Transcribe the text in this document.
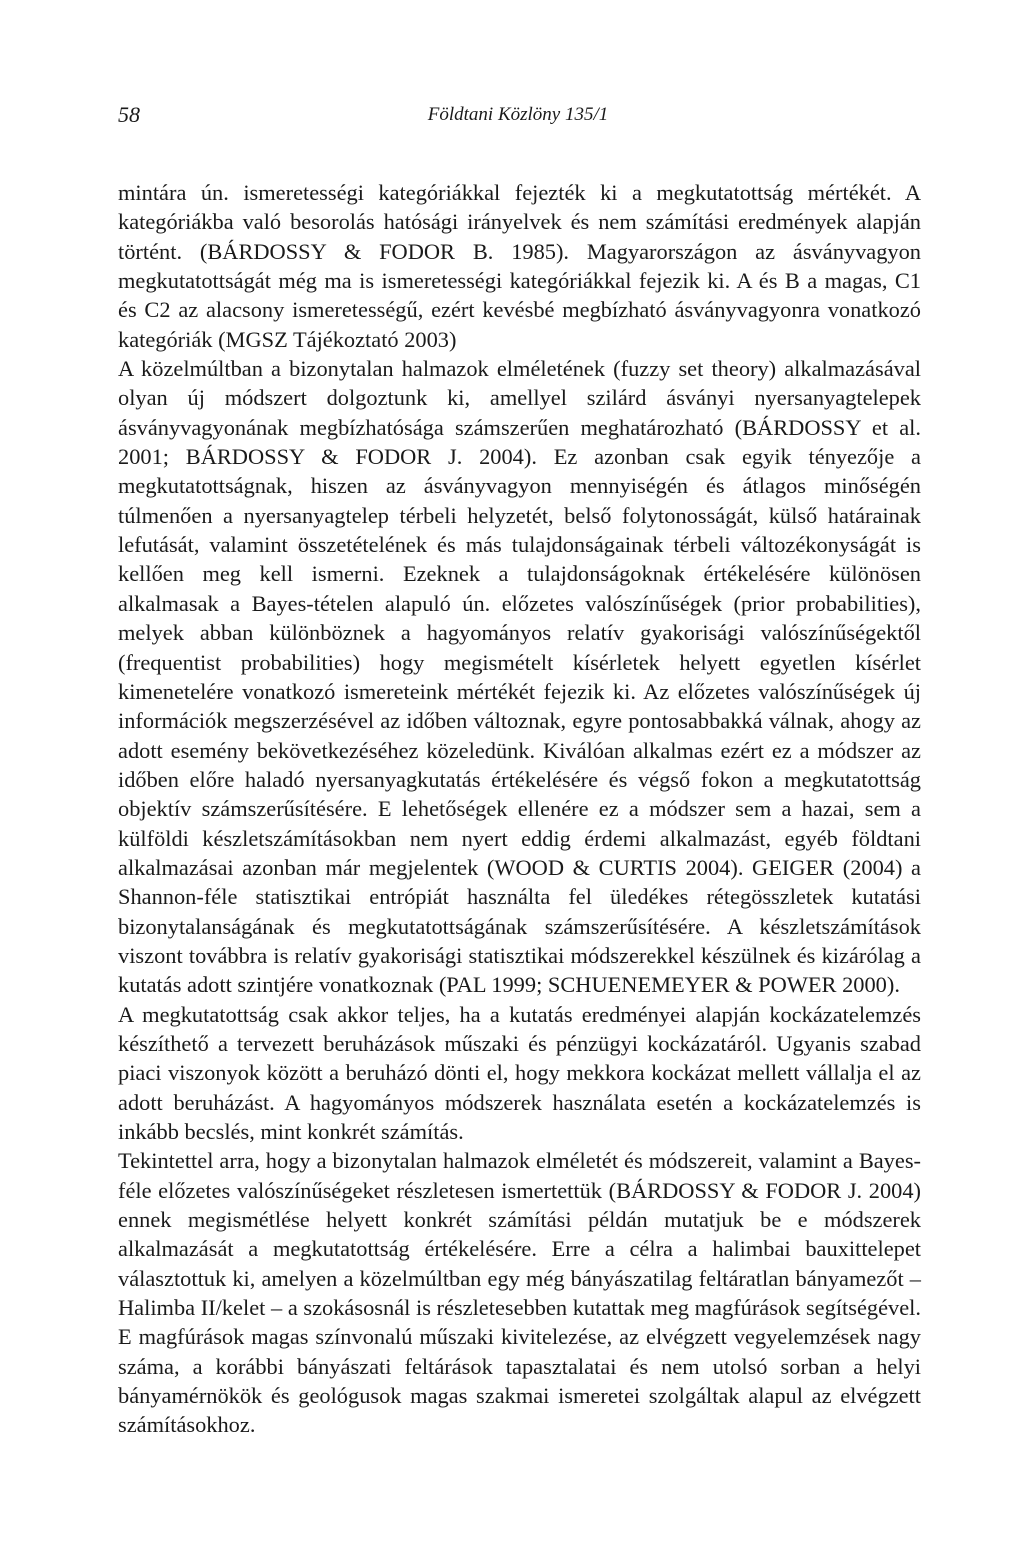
58	Földtani Közlöny 135/1

mintára ún. ismeretességi kategóriákkal fejezték ki a megkutatottság mértékét. A kategóriákba való besorolás hatósági irányelvek és nem számítási eredmények alapján történt. (BÁRDOSSY & FODOR B. 1985). Magyarországon az ásványvagyon megkutatottságát még ma is ismeretességi kategóriákkal fejezik ki. A és B a magas, C1 és C2 az alacsony ismeretességű, ezért kevésbé megbízható ásványvagyonra vonatkozó kategóriák (MGSZ Tájékoztató 2003)

A közelmúltban a bizonytalan halmazok elméletének (fuzzy set theory) alkalmazásával olyan új módszert dolgoztunk ki, amellyel szilárd ásványi nyersanyagtelepek ásványvagyonának megbízhatósága számszerűen meghatározható (BÁRDOSSY et al. 2001; BÁRDOSSY & FODOR J. 2004). Ez azonban csak egyik tényezője a megkutatottságnak, hiszen az ásványvagyon mennyiségén és átlagos minőségén túlmenően a nyersanyagtelep térbeli helyzetét, belső folytonosságát, külső határainak lefutását, valamint összetételének és más tulajdonságainak térbeli változékonyságát is kellően meg kell ismerni. Ezeknek a tulajdonságoknak értékelésére különösen alkalmasak a Bayes-tételen alapuló ún. előzetes valószínűségek (prior probabilities), melyek abban különböznek a hagyományos relatív gyakorisági valószínűségektől (frequentist probabilities) hogy megismételt kísérletek helyett egyetlen kísérlet kimenetelére vonatkozó ismereteink mértékét fejezik ki. Az előzetes valószínűségek új információk megszerzésével az időben változnak, egyre pontosabbakká válnak, ahogy az adott esemény bekövetkezéséhez közeledünk. Kiválóan alkalmas ezért ez a módszer az időben előre haladó nyersanyagkutatás értékelésére és végső fokon a megkutatottság objektív számszerűsítésére. E lehetőségek ellenére ez a módszer sem a hazai, sem a külföldi készletszámításokban nem nyert eddig érdemi alkalmazást, egyéb földtani alkalmazásai azonban már megjelentek (WOOD & CURTIS 2004). GEIGER (2004) a Shannon-féle statisztikai entrópiát használta fel üledékes rétegösszletek kutatási bizonytalanságának és megkutatottságának számszerűsítésére. A készletszámítások viszont továbbra is relatív gyakorisági statisztikai módszerekkel készülnek és kizárólag a kutatás adott szintjére vonatkoznak (PAL 1999; SCHUENEMEYER & POWER 2000).

A megkutatottság csak akkor teljes, ha a kutatás eredményei alapján kockázatelemzés készíthető a tervezett beruházások műszaki és pénzügyi kockázatáról. Ugyanis szabad piaci viszonyok között a beruházó dönti el, hogy mekkora kockázat mellett vállalja el az adott beruházást. A hagyományos módszerek használata esetén a kockázatelemzés is inkább becslés, mint konkrét számítás.

Tekintettel arra, hogy a bizonytalan halmazok elméletét és módszereit, valamint a Bayes-féle előzetes valószínűségeket részletesen ismertettük (BÁRDOSSY & FODOR J. 2004) ennek megismétlése helyett konkrét számítási példán mutatjuk be e módszerek alkalmazását a megkutatottság értékelésére. Erre a célra a halimbai bauxittelepet választottuk ki, amelyen a közelmúltban egy még bányászatilag feltáratlan bányamezőt – Halimba II/kelet – a szokásosnál is részletesebben kutattak meg magfúrások segítségével. E magfúrások magas színvonalú műszaki kivitelezése, az elvégzett vegyelemzések nagy száma, a korábbi bányászati feltárások tapasztalatai és nem utolsó sorban a helyi bányamérnökök és geológusok magas szakmai ismeretei szolgáltak alapul az elvégzett számításokhoz.
